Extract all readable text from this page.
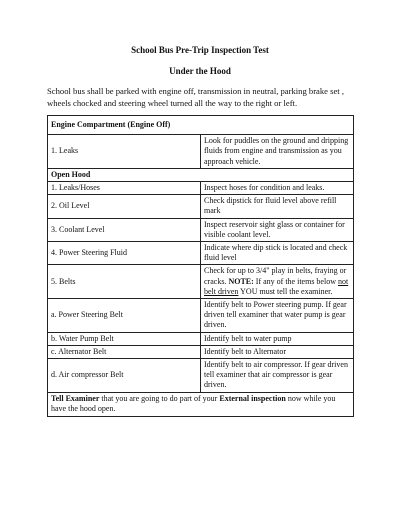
School Bus Pre-Trip Inspection Test
Under the Hood
School bus shall be parked with engine off, transmission in neutral, parking brake set , wheels chocked and steering wheel turned all the way to the right or left.
Engine Compartment (Engine Off)	
1. Leaks	Look for puddles on the ground and dripping fluids from engine and transmission as you approach vehicle.
Open Hood	
1. Leaks/Hoses	Inspect hoses for condition and leaks.
2. Oil Level	Check dipstick for fluid level above refill mark
3. Coolant Level	Inspect reservoir sight glass or container for visible coolant level.
4. Power Steering Fluid	Indicate where dip stick is located and check fluid level
5. Belts	Check for up to 3/4" play in belts, fraying or cracks. NOTE: If any of the items below not belt driven YOU must tell the examiner.
a. Power Steering Belt	Identify belt to Power steering pump. If gear driven tell examiner that water pump is gear driven.
b. Water Pump Belt	Identify belt to water pump
c. Alternator Belt	Identify belt to Alternator
d. Air compressor Belt	Identify belt to air compressor. If gear driven tell examiner that air compressor is gear driven.
Tell Examiner that you are going to do part of your External inspection now while you have the hood open.	
